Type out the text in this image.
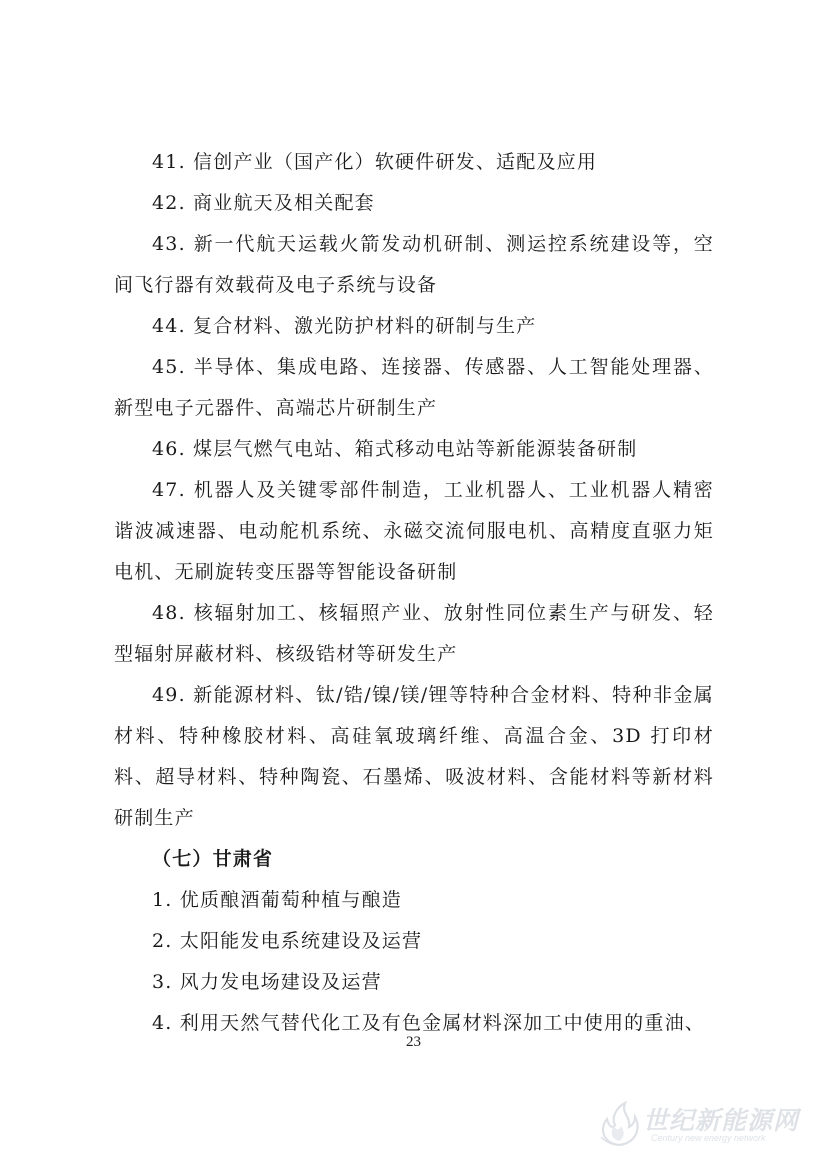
41. 信创产业（国产化）软硬件研发、适配及应用

42. 商业航天及相关配套

43. 新一代航天运载火箭发动机研制、测运控系统建设等，空间飞行器有效载荷及电子系统与设备

44. 复合材料、激光防护材料的研制与生产

45. 半导体、集成电路、连接器、传感器、人工智能处理器、新型电子元器件、高端芯片研制生产

46. 煤层气燃气电站、箱式移动电站等新能源装备研制

47. 机器人及关键零部件制造，工业机器人、工业机器人精密谐波减速器、电动舵机系统、永磁交流伺服电机、高精度直驱力矩电机、无刷旋转变压器等智能设备研制

48. 核辐射加工、核辐照产业、放射性同位素生产与研发、轻型辐射屏蔽材料、核级锆材等研发生产

49. 新能源材料、钛/锆/镍/镁/锂等特种合金材料、特种非金属材料、特种橡胶材料、高硅氧玻璃纤维、高温合金、3D 打印材料、超导材料、特种陶瓷、石墨烯、吸波材料、含能材料等新材料研制生产

（七）甘肃省

1. 优质酿酒葡萄种植与酿造

2. 太阳能发电系统建设及运营

3. 风力发电场建设及运营

4. 利用天然气替代化工及有色金属材料深加工中使用的重油、

23
世纪新能源网
Century new energy network
